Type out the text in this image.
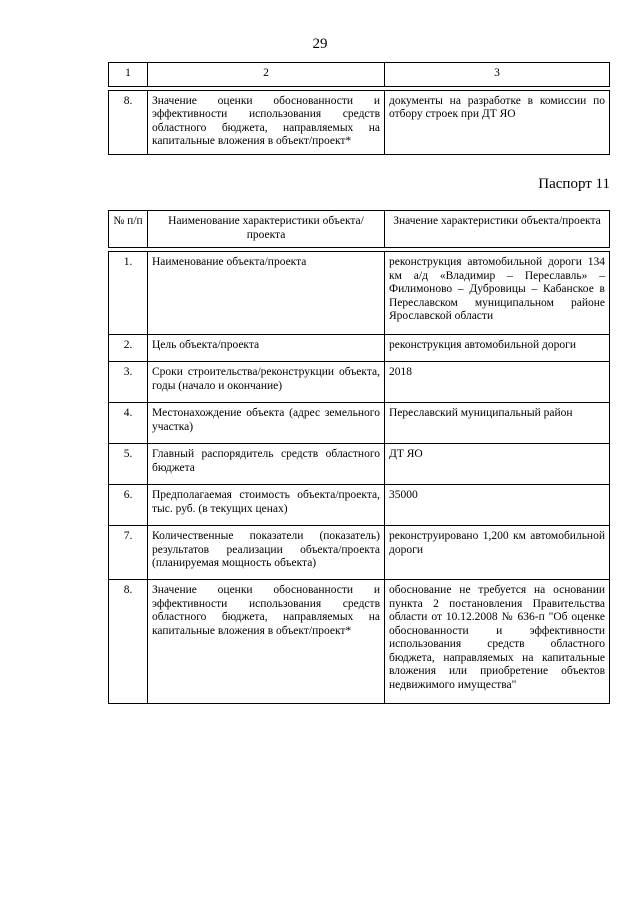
29
1	2	3

8.	Значение оценки обоснованности и эффективности использования средств областного бюджета, направляемых на капитальные вложения в объект/проект*	документы на разработке в комиссии по отбору строек при ДТ ЯО
Паспорт 11
№ п/п	Наименование характеристики объекта/проекта	Значение характеристики объекта/проекта

1.	Наименование объекта/проекта	реконструкция автомобильной дороги 134 км а/д «Владимир – Переславль» – Филимоново – Дубровицы – Кабанское в Переславском муниципальном районе Ярославской области
2.	Цель объекта/проекта	реконструкция автомобильной дороги
3.	Сроки строительства/реконструкции объекта, годы (начало и окончание)	2018
4.	Местонахождение объекта (адрес земельного участка)	Переславский муниципальный район
5.	Главный распорядитель средств областного бюджета	ДТ ЯО
6.	Предполагаемая стоимость объекта/проекта, тыс. руб. (в текущих ценах)	35000
7.	Количественные показатели (показатель) результатов реализации объекта/проекта (планируемая мощность объекта)	реконструировано 1,200 км автомобильной дороги
8.	Значение оценки обоснованности и эффективности использования средств областного бюджета, направляемых на капитальные вложения в объект/проект*	обоснование не требуется на основании пункта 2 постановления Правительства области от 10.12.2008 № 636-п "Об оценке обоснованности и эффективности использования средств областного бюджета, направляемых на капитальные вложения или приобретение объектов недвижимого имущества"
